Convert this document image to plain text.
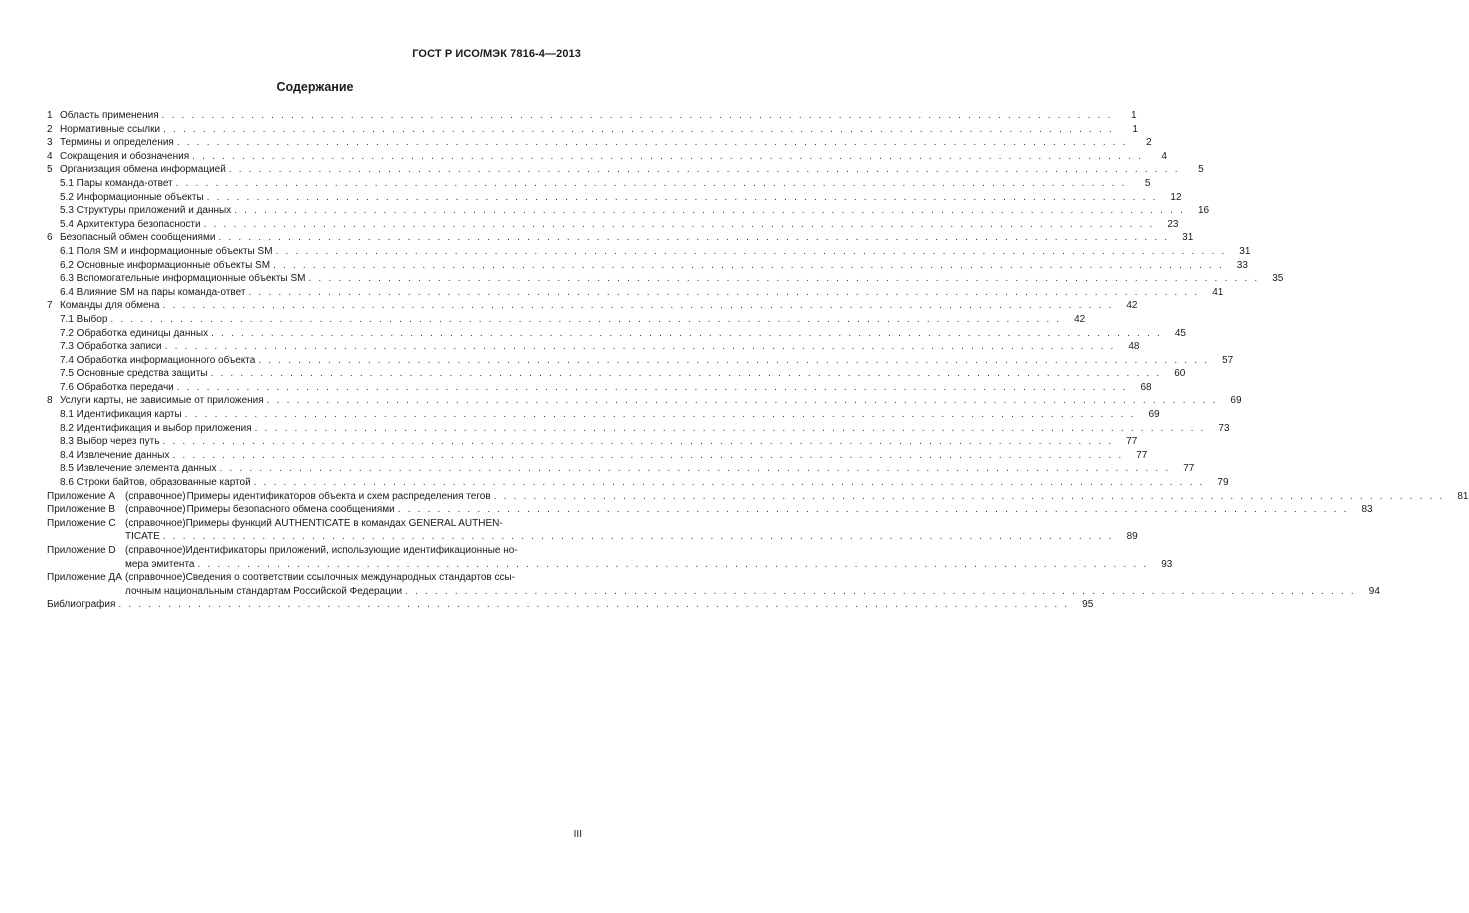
ГОСТ Р ИСО/МЭК 7816-4—2013
Содержание
1 Область применения . . .	1
2 Нормативные ссылки . . .	1
3 Термины и определения . . .	2
4 Сокращения и обозначения . . .	4
5 Организация обмена информацией . . .	5
5.1 Пары команда-ответ . . .	5
5.2 Информационные объекты . . .	12
5.3 Структуры приложений и данных . . .	16
5.4 Архитектура безопасности . . .	23
6 Безопасный обмен сообщениями . . .	31
6.1 Поля SM и информационные объекты SM . . .	31
6.2 Основные информационные объекты SM . . .	33
6.3 Вспомогательные информационные объекты SM . . .	35
6.4 Влияние SM на пары команда-ответ . . .	41
7 Команды для обмена . . .	42
7.1 Выбор . . .	42
7.2 Обработка единицы данных . . .	45
7.3 Обработка записи . . .	48
7.4 Обработка информационного объекта . . .	57
7.5 Основные средства защиты . . .	60
7.6 Обработка передачи . . .	68
8 Услуги карты, не зависимые от приложения . . .	69
8.1 Идентификация карты . . .	69
8.2 Идентификация и выбор приложения . . .	73
8.3 Выбор через путь . . .	77
8.4 Извлечение данных . . .	77
8.5 Извлечение элемента данных . . .	77
8.6 Строки байтов, образованные картой . . .	79
Приложение А (справочное) Примеры идентификаторов объекта и схем распределения тегов . . .	81
Приложение В (справочное) Примеры безопасного обмена сообщениями . . .	83
Приложение С (справочное) Примеры функций AUTHENTICATE в командах GENERAL AUTHEN-
TICATE . . .	89
Приложение D (справочное) Идентификаторы приложений, использующие идентификационные но-
мера эмитента . . .	93
Приложение ДА (справочное) Сведения о соответствии ссылочных международных стандартов ссы-
лочным национальным стандартам Российской Федерации . . .	94
Библиография . . .	95
III
